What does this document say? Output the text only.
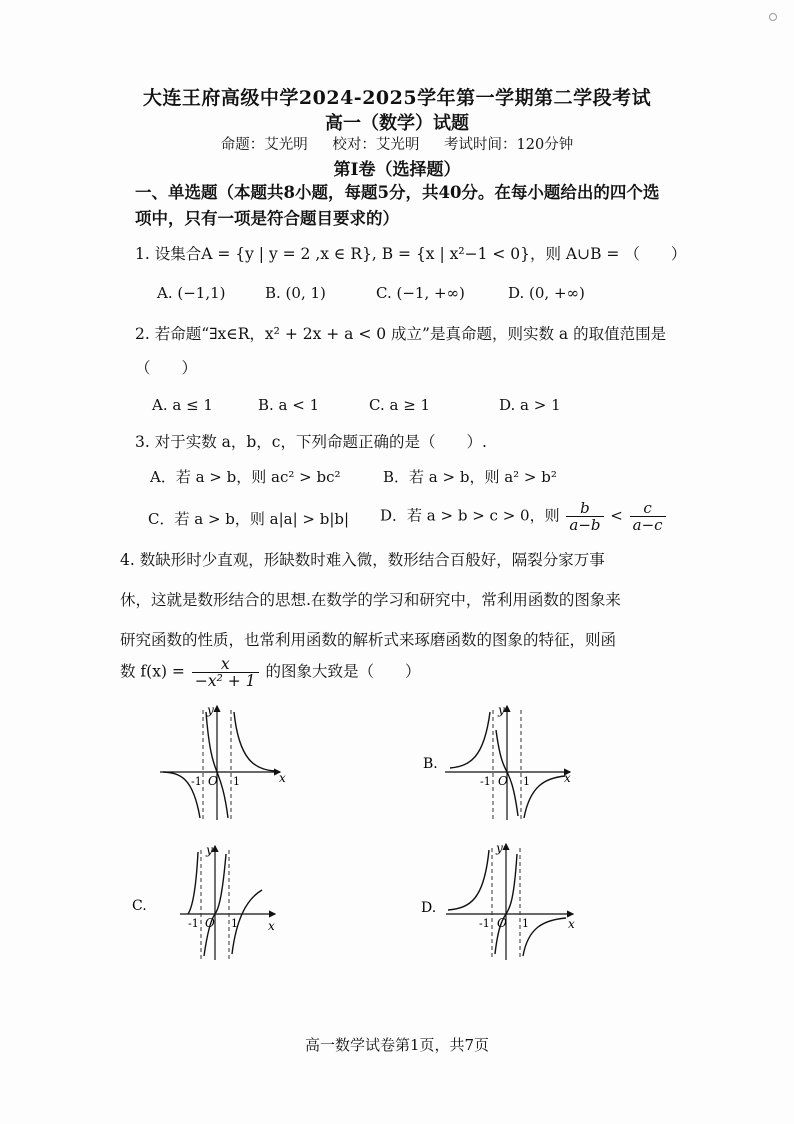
大连王府高级中学2024-2025学年第一学期第二学段考试
高一（数学）试题
命题：艾光明 校对：艾光明 考试时间：120分钟
第Ⅰ卷（选择题）
一、单选题（本题共8小题，每题5分，共40分。在每小题给出的四个选项中，只有一项是符合题目要求的）
1. 设集合A = {y | y = 2 ,x ∈ R}, B = {x | x²−1 < 0}，则 A∪B = （　　）
A. (−1,1)	B. (0, 1)	C. (−1, +∞)	D. (0, +∞)
2. 若命题“∃x∈R，x² + 2x + a < 0 成立”是真命题，则实数 a 的取值范围是
（　　）
A. a ≤ 1	B. a < 1	C. a ≥ 1	D. a > 1
3. 对于实数 a，b，c，下列命题正确的是（　　）.
A．若 a > b，则 ac² > bc²	B．若 a > b，则 a² > b²
C．若 a > b，则 a|a| > b|b| D．若 a > b > c > 0，则 $\frac{b}{a-b} < \frac{c}{a-c}$
4. 数缺形时少直观，形缺数时难入微，数形结合百般好，隔裂分家万事
休，这就是数形结合的思想.在数学的学习和研究中，常利用函数的图象来
研究函数的性质，也常利用函数的解析式来琢磨函数的图象的特征，则函
数 $f(x) = \frac{x}{\text{−x² + 1}}$ 的图象大致是（　　）
y
x
O
-1	1
B.
y
x
O
-1	1
C.
y
x
O
-1	1
D.
y
x
O
-1	1
高一数学试卷第1页，共7页
